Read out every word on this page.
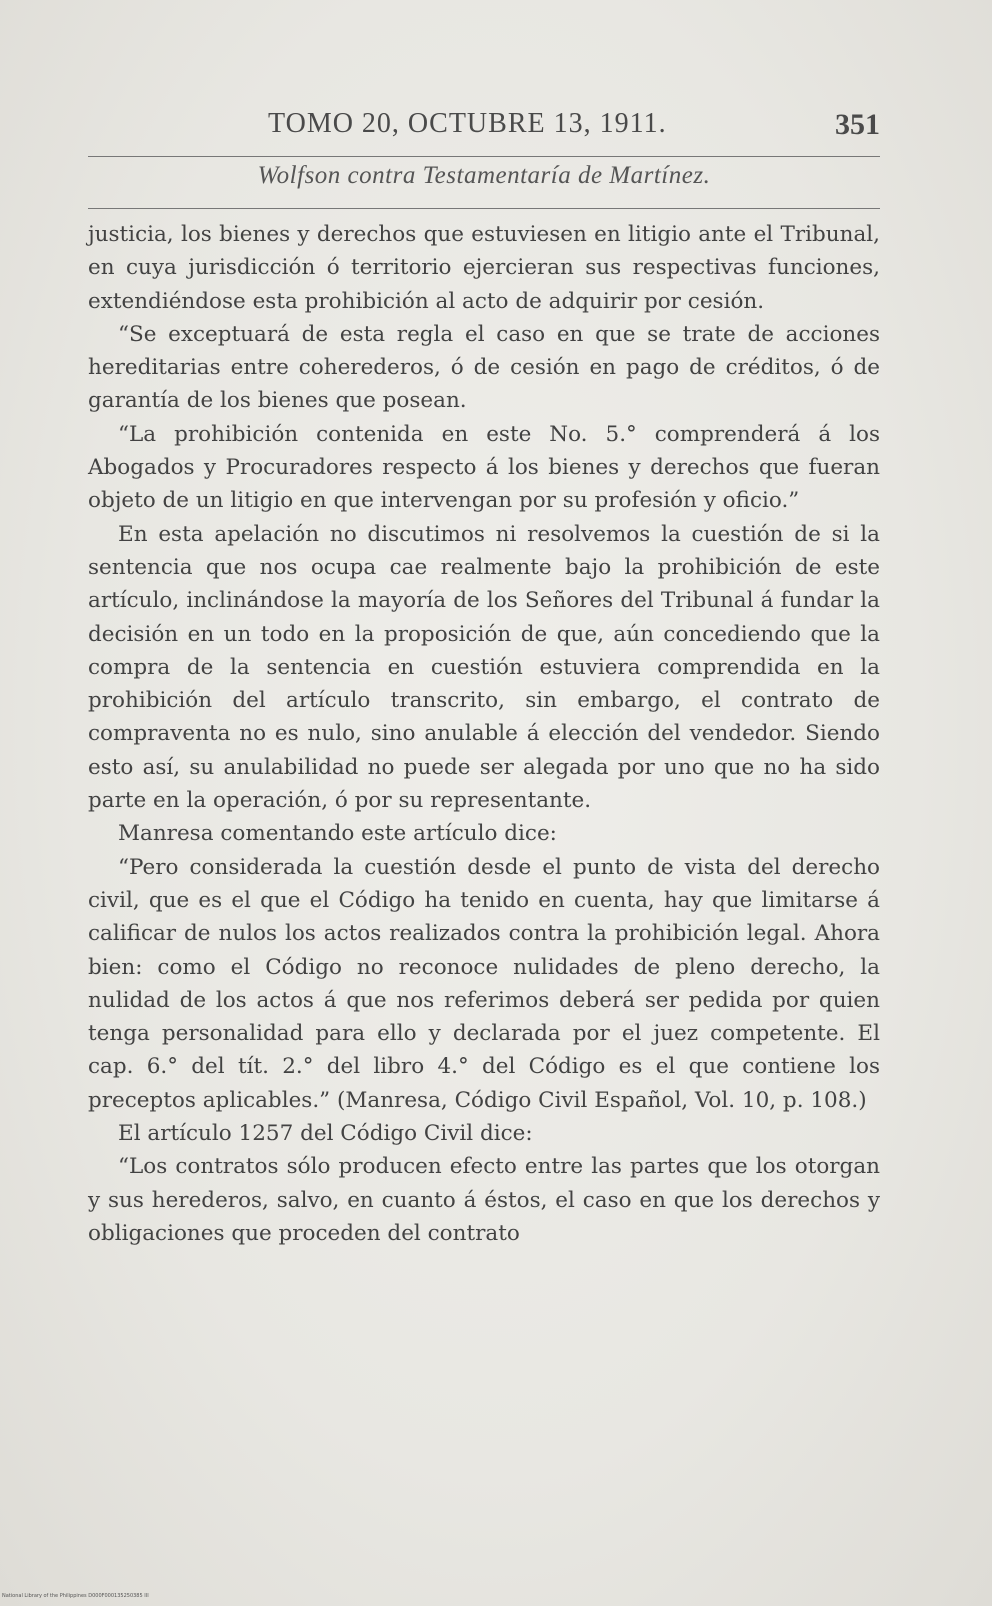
TOMO 20, OCTUBRE 13, 1911.	351
Wolfson contra Testamentaría de Martínez.

justicia, los bienes y derechos que estuviesen en litigio ante el Tribunal, en cuya jurisdicción ó territorio ejercieran sus respectivas funciones, extendiéndose esta prohibición al acto de adquirir por cesión.

“Se exceptuará de esta regla el caso en que se trate de acciones hereditarias entre coherederos, ó de cesión en pago de créditos, ó de garantía de los bienes que posean.

“La prohibición contenida en este No. 5.° comprenderá á los Abogados y Procuradores respecto á los bienes y derechos que fueran objeto de un litigio en que intervengan por su profesión y oficio.”

En esta apelación no discutimos ni resolvemos la cuestión de si la sentencia que nos ocupa cae realmente bajo la prohibición de este artículo, inclinándose la mayoría de los Señores del Tribunal á fundar la decisión en un todo en la proposición de que, aún concediendo que la compra de la sentencia en cuestión estuviera comprendida en la prohibición del artículo transcrito, sin embargo, el contrato de compraventa no es nulo, sino anulable á elección del vendedor. Siendo esto así, su anulabilidad no puede ser alegada por uno que no ha sido parte en la operación, ó por su representante.

Manresa comentando este artículo dice:

“Pero considerada la cuestión desde el punto de vista del derecho civil, que es el que el Código ha tenido en cuenta, hay que limitarse á calificar de nulos los actos realizados contra la prohibición legal. Ahora bien: como el Código no reconoce nulidades de pleno derecho, la nulidad de los actos á que nos referimos deberá ser pedida por quien tenga personalidad para ello y declarada por el juez competente. El cap. 6.° del tít. 2.° del libro 4.° del Código es el que contiene los preceptos aplicables.” (Manresa, Código Civil Español, Vol. 10, p. 108.)

El artículo 1257 del Código Civil dice:

“Los contratos sólo producen efecto entre las partes que los otorgan y sus herederos, salvo, en cuanto á éstos, el caso en que los derechos y obligaciones que proceden del contrato

National Library of the Philippines D000F000135250385 III
